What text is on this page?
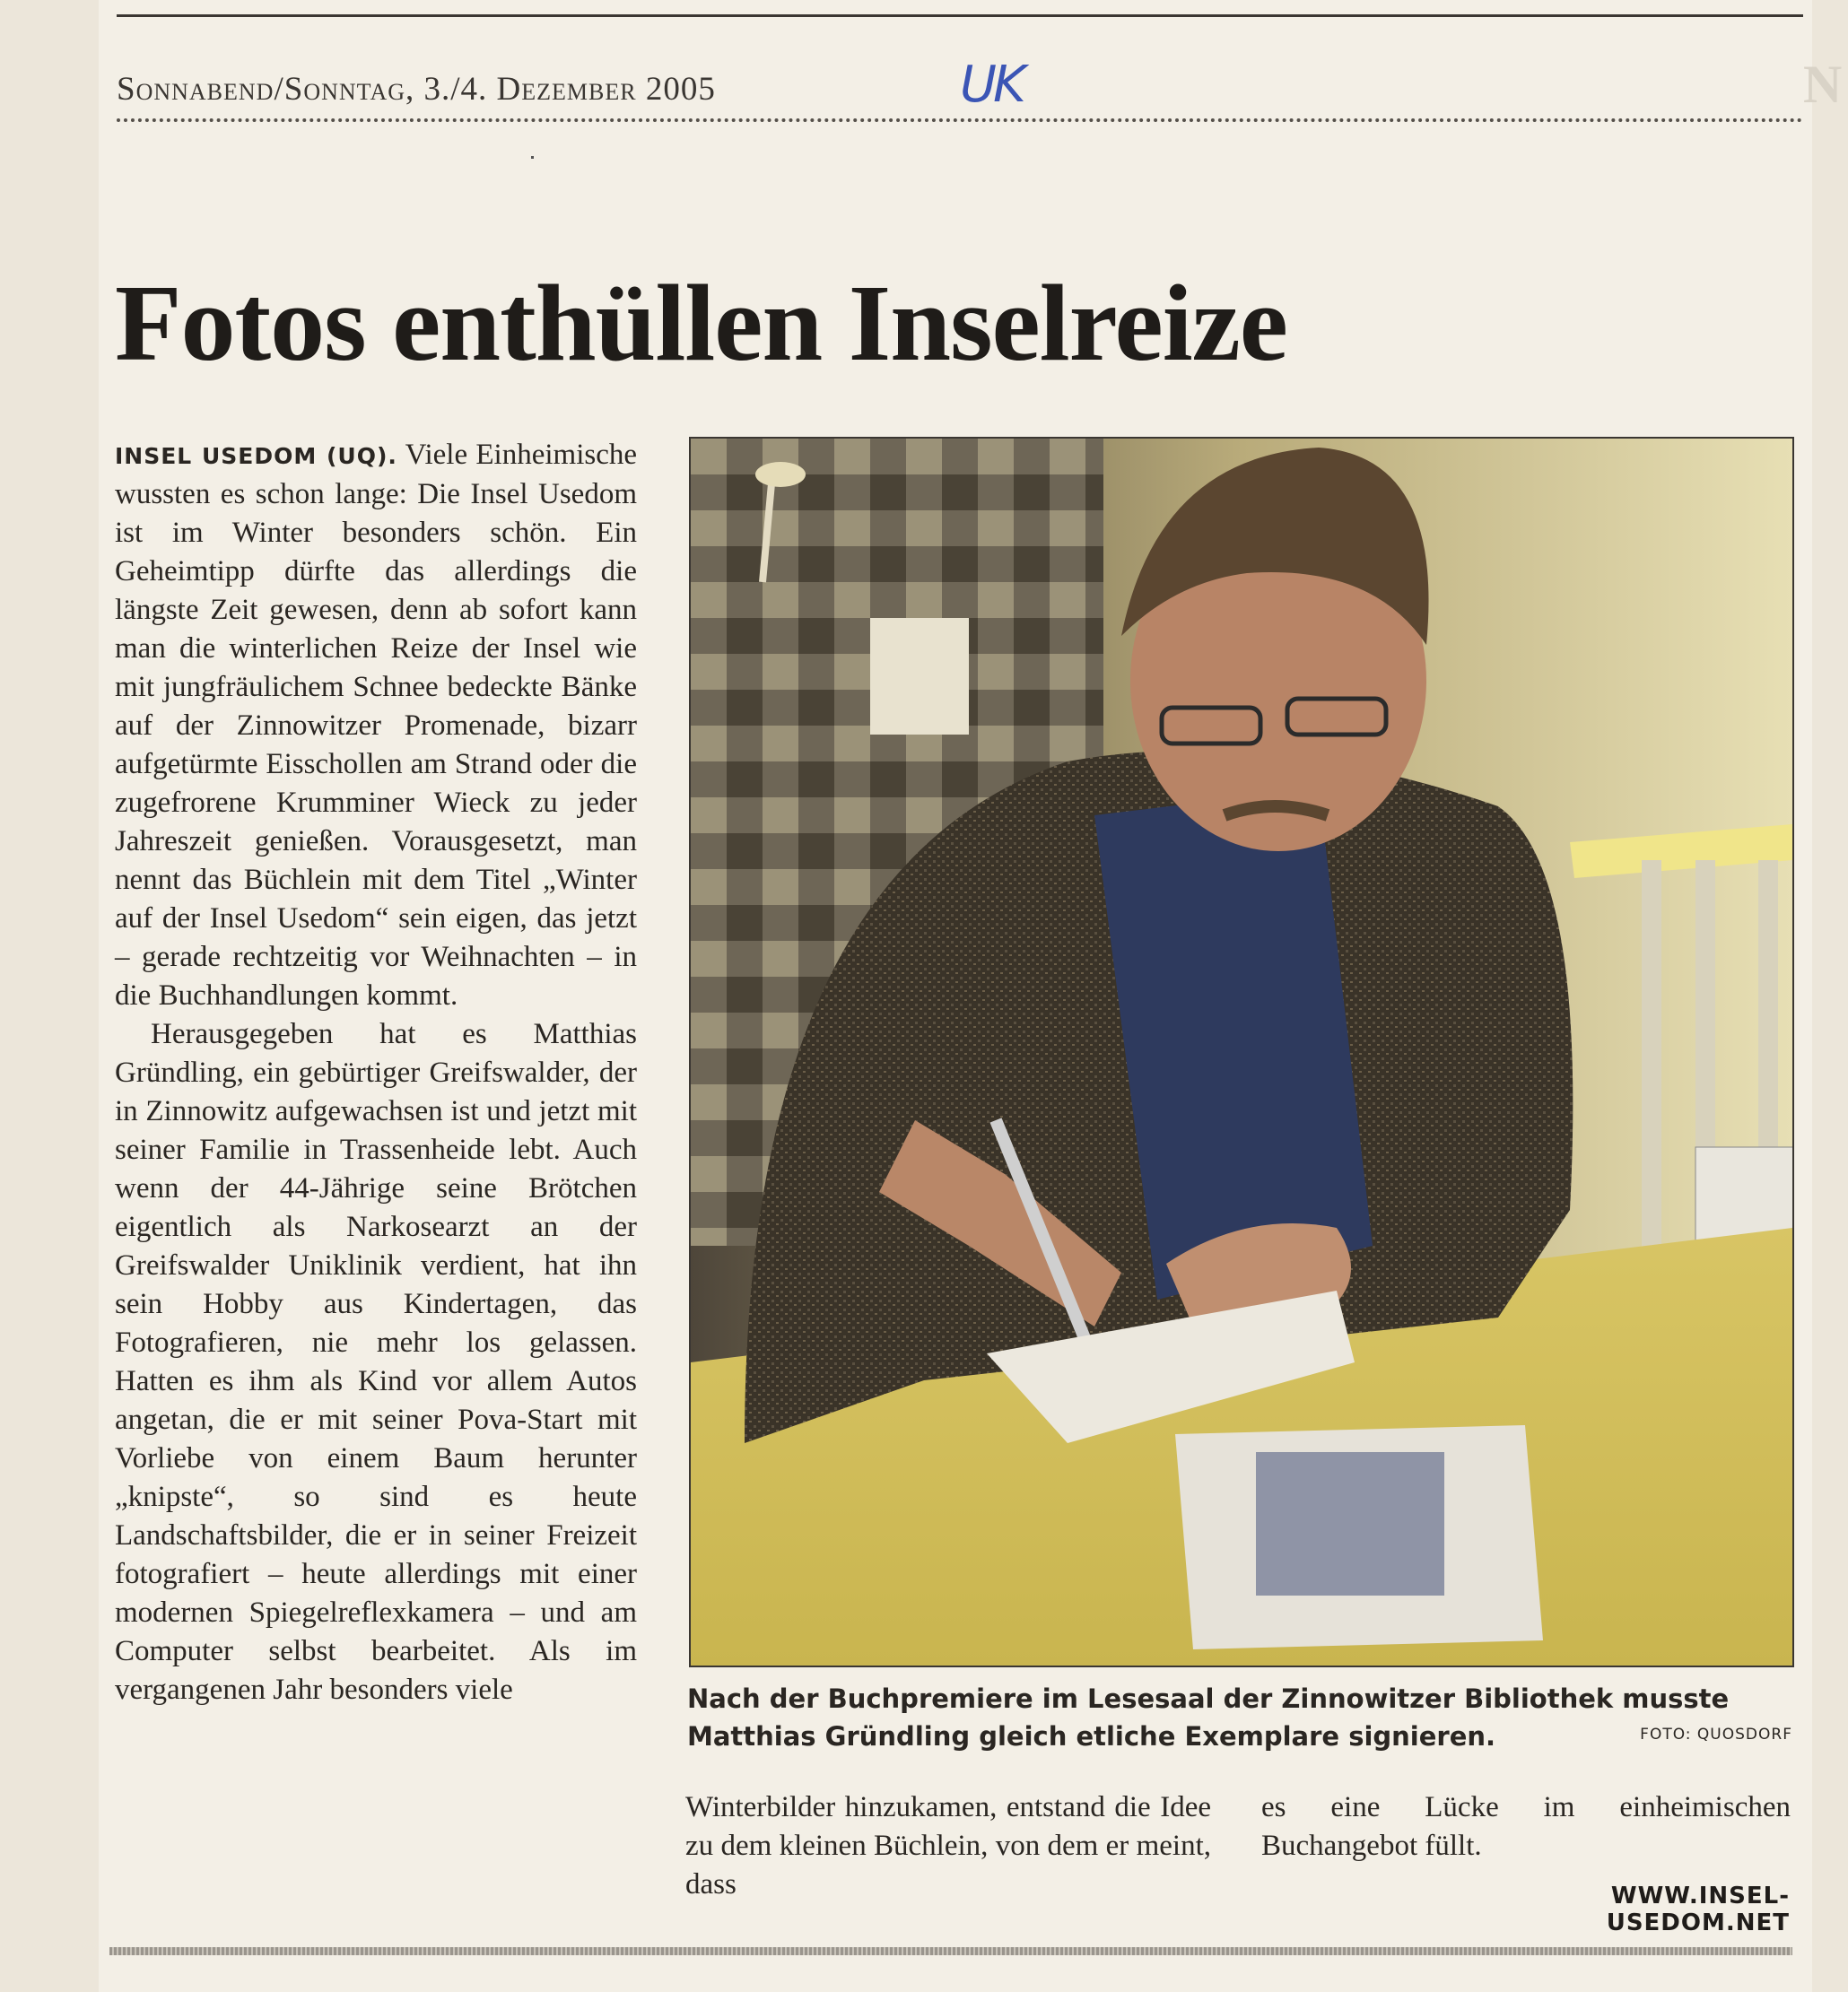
N
Sonnabend/Sonntag, 3./4. Dezember 2005	UK
Fotos enthüllen Inselreize

INSEL USEDOM (UQ). Viele Einheimische wussten es schon lange: Die Insel Usedom ist im Winter besonders schön. Ein Geheimtipp dürfte das allerdings die längste Zeit gewesen, denn ab sofort kann man die winterlichen Reize der Insel wie mit jungfräulichem Schnee bedeckte Bänke auf der Zinnowitzer Promenade, bizarr aufgetürmte Eisschollen am Strand oder die zugefrorene Krumminer Wieck zu jeder Jahreszeit genießen. Vorausgesetzt, man nennt das Büchlein mit dem Titel „Winter auf der Insel Usedom“ sein eigen, das jetzt – gerade rechtzeitig vor Weihnachten – in die Buchhandlungen kommt.

Herausgegeben hat es Matthias Gründling, ein gebürtiger Greifswalder, der in Zinnowitz aufgewachsen ist und jetzt mit seiner Familie in Trassenheide lebt. Auch wenn der 44-Jährige seine Brötchen eigentlich als Narkosearzt an der Greifswalder Uniklinik verdient, hat ihn sein Hobby aus Kindertagen, das Fotografieren, nie mehr los gelassen. Hatten es ihm als Kind vor allem Autos angetan, die er mit seiner Pova-Start mit Vorliebe von einem Baum herunter „knipste“, so sind es heute Landschaftsbilder, die er in seiner Freizeit fotografiert – heute allerdings mit einer modernen Spiegelreflexkamera – und am Computer selbst bearbeitet. Als im vergangenen Jahr besonders viele	Nach der Buchpremiere im Lesesaal der Zinnowitzer Bibliothek musste Matthias Gründling gleich etliche Exemplare signieren.	FOTO: QUOSDORF

Winterbilder hinzukamen, entstand die Idee zu dem kleinen Büchlein, von dem er meint, dass

es eine Lücke im einheimischen Buchangebot füllt.

WWW.INSEL-USEDOM.NET
